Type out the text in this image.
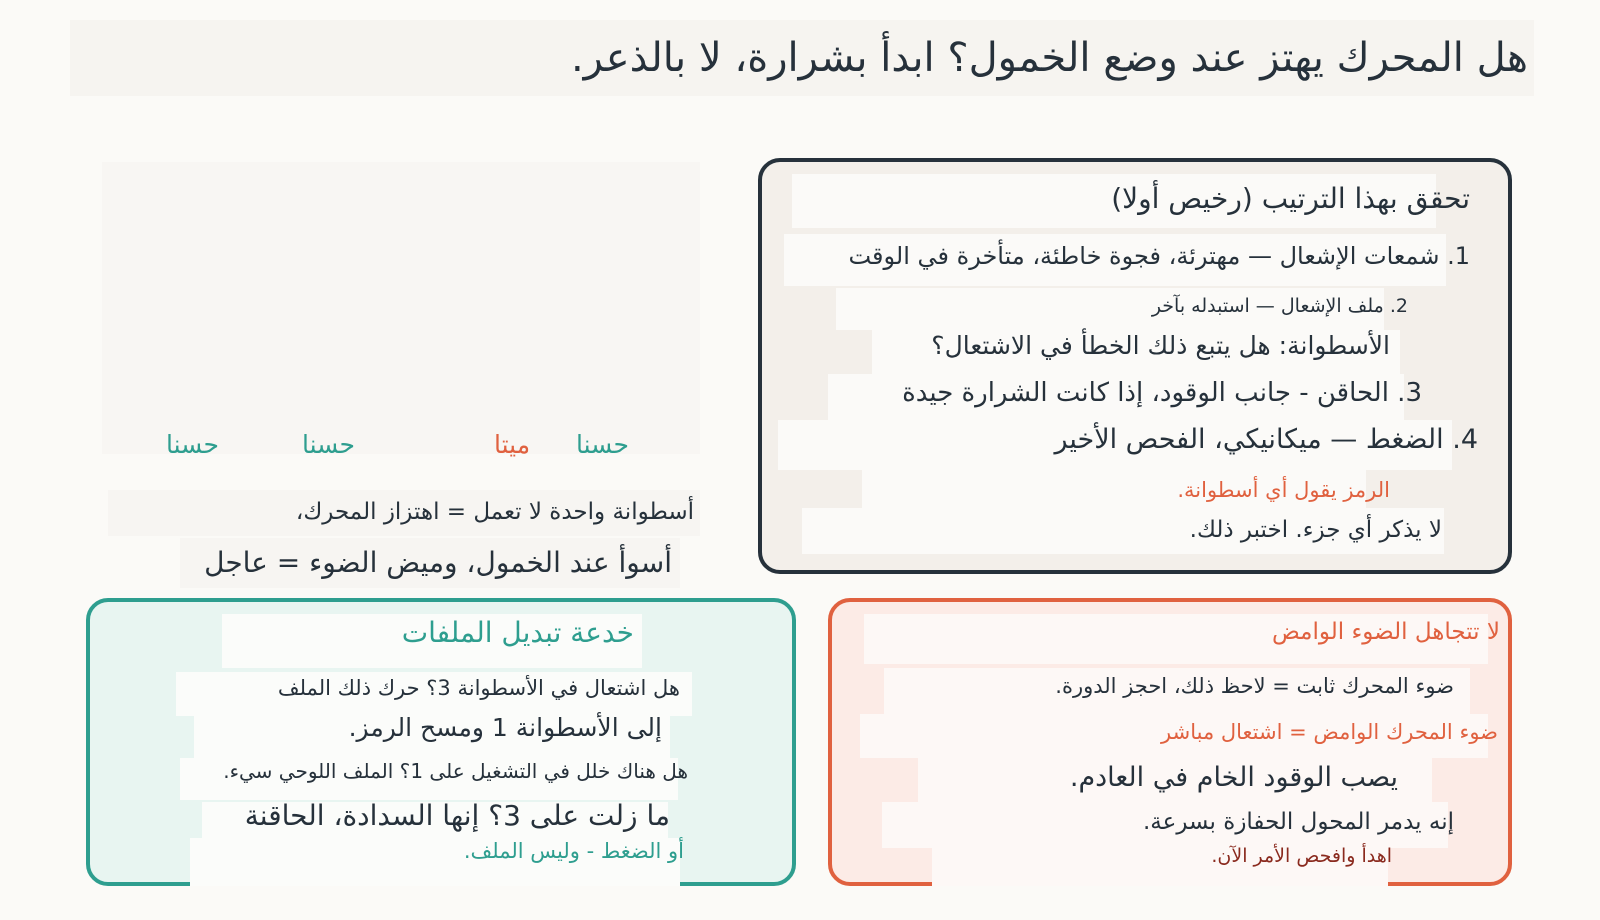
هل المحرك يهتز عند وضع الخمول؟ ابدأ بشرارة، لا بالذعر.
حسنا	حسنا	ميتا حسنا
أسطوانة واحدة لا تعمل = اهتزاز المحرك،
أسوأ عند الخمول، وميض الضوء = عاجل
تحقق بهذا الترتيب (رخيص أولا)
1. شمعات الإشعال — مهترئة، فجوة خاطئة، متأخرة في الوقت
2. ملف الإشعال — استبدله بآخر
الأسطوانة: هل يتبع ذلك الخطأ في الاشتعال؟
3. الحاقن - جانب الوقود، إذا كانت الشرارة جيدة
4. الضغط — ميكانيكي، الفحص الأخير
الرمز يقول أي أسطوانة.
لا يذكر أي جزء. اختبر ذلك.
خدعة تبديل الملفات
هل اشتعال في الأسطوانة 3؟ حرك ذلك الملف
إلى الأسطوانة 1 ومسح الرمز.
هل هناك خلل في التشغيل على 1؟ الملف اللوحي سيء.
ما زلت على 3؟ إنها السدادة، الحاقنة
أو الضغط - وليس الملف.
لا تتجاهل الضوء الوامض
ضوء المحرك ثابت = لاحظ ذلك، احجز الدورة.
ضوء المحرك الوامض = اشتعال مباشر
يصب الوقود الخام في العادم.
إنه يدمر المحول الحفازة بسرعة.
اهدأ وافحص الأمر الآن.
